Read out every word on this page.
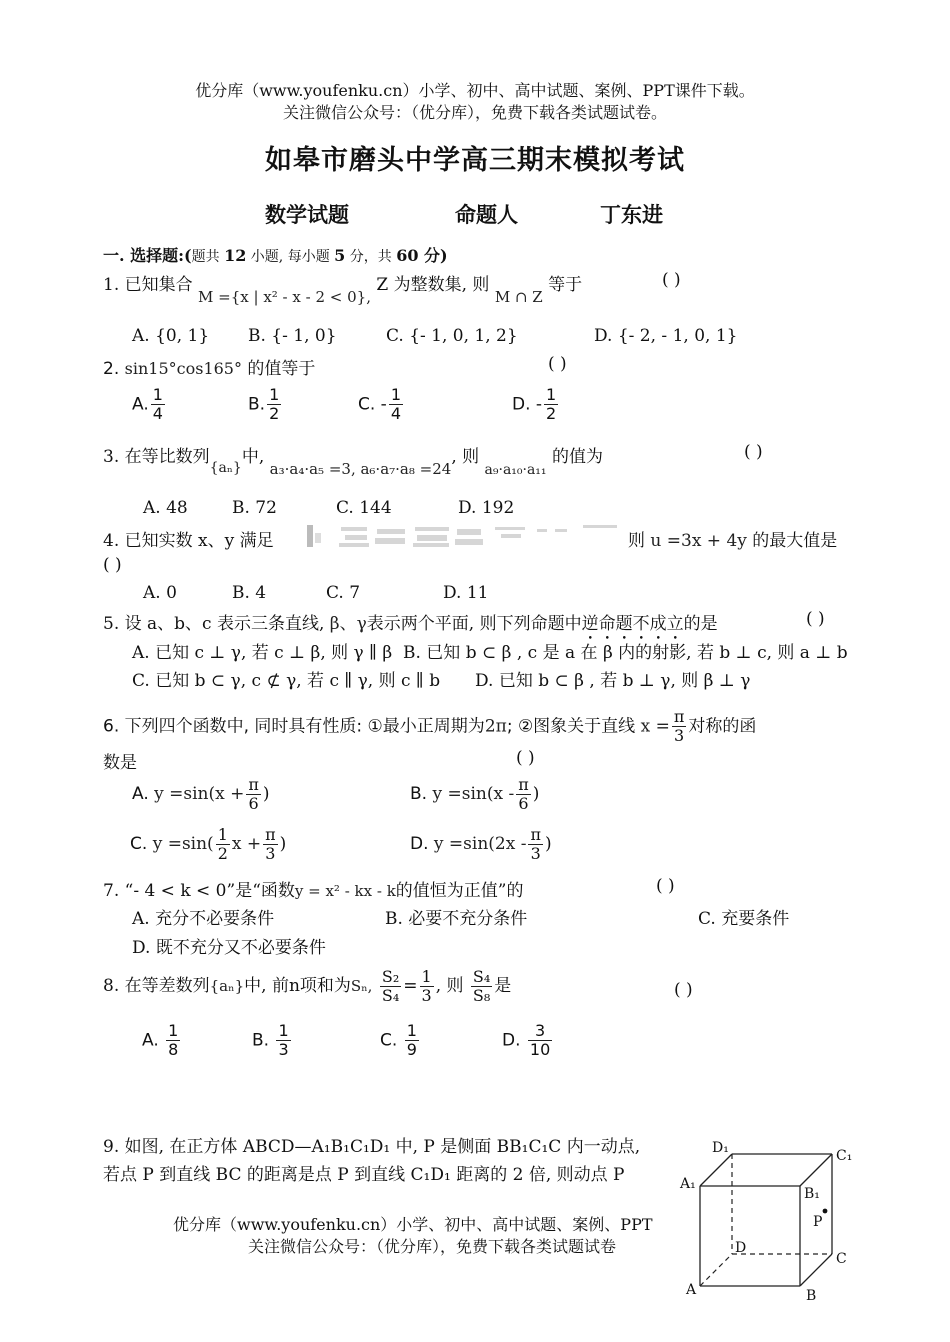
优分库（www.youfenku.cn）小学、初中、高中试题、案例、PPT课件下载。
关注微信公众号：（优分库），免费下载各类试题试卷。
如皋市磨头中学高三期末模拟考试
数学试题	命题人	丁东进
一. 选择题:(题共 12 小题, 每小题 5 分，共 60 分)
1. 已知集合 M ={x | x² - x - 2 < 0}, Z 为整数集, 则 M ∩ Z 等于	( )
A. {0, 1} B. {- 1, 0}	C. {- 1, 0, 1, 2}	D. {- 2, - 1, 0, 1}
2. sin15°cos165° 的值等于	( )
A. $\frac{1}{4}$	B. $\frac{1}{2}$	C. - $\frac{1}{4}$	D. - $\frac{1}{2}$
3. 在等比数列$_{\{a_n\}}$中, a₃·a₄·a₅ =3, a₆·a₇·a₈ =24, 则 $_{a_9\cdot a_{10}\cdot a_{11}}$ 的值为	( )
A. 48	B. 72	C. 144	D. 192
4. 已知实数 x、y 满足	则 u =3x + 4y 的最大值是
( )
A. 0	B. 4	C. 7	D. 11
5. 设 a、b、c 表示三条直线, β、γ表示两个平面, 则下列命题中逆命题不成立的是	( )
A. 已知 c ⊥ γ, 若 c ⊥ β, 则 γ ∥ β B. 已知 b ⊂ β , c 是 a 在 β 内的射影, 若 b ⊥ c, 则 a ⊥ b
C. 已知 b ⊂ γ, c ⊄ γ, 若 c ∥ γ, 则 c ∥ b D. 已知 b ⊂ β , 若 b ⊥ γ, 则 β ⊥ γ
6. 下列四个函数中, 同时具有性质: ①最小正周期为2π; ②图象关于直线 $x = \frac{\pi}{3}$ 对称的函
数是	( )
A. $y =\sin(x + \frac{\pi}{6}$ )	B. $y =\sin(x - \frac{\pi}{6}$ )
C. $y =\sin( \frac{1}{2}$ $x + \frac{\pi}{3}$ )	D. $y =\sin(2x - \frac{\pi}{3}$ )
7. “- 4 < k < 0”是“函数y = x² - kx - k的值恒为正值”的	( )
A. 充分不必要条件	B. 必要不充分条件	C. 充要条件
D. 既不充分又不必要条件
8. 在等差数列{aₙ}中, 前n项和为Sₙ, $\frac{\text{S₂}}{\text{S₄}} = \frac{1}{3}$ , 则 $\frac{\text{S₄}}{\text{S₈}}$ 是	( )
A. $\frac{1}{8}$	B. $\frac{1}{3}$	C. $\frac{1}{9}$	D. $\frac{3}{10}$
9. 如图, 在正方体 ABCD—A₁B₁C₁D₁ 中, P 是侧面 BB₁C₁C 内一动点,
若点 P 到直线 BC 的距离是点 P 到直线 C₁D₁ 距离的 2 倍, 则动点 P
优分库（www.youfenku.cn）小学、初中、高中试题、案例、PPT
关注微信公众号：（优分库），免费下载各类试题试卷
D₁	C₁
A₁
B₁
P
D
C
A	B
